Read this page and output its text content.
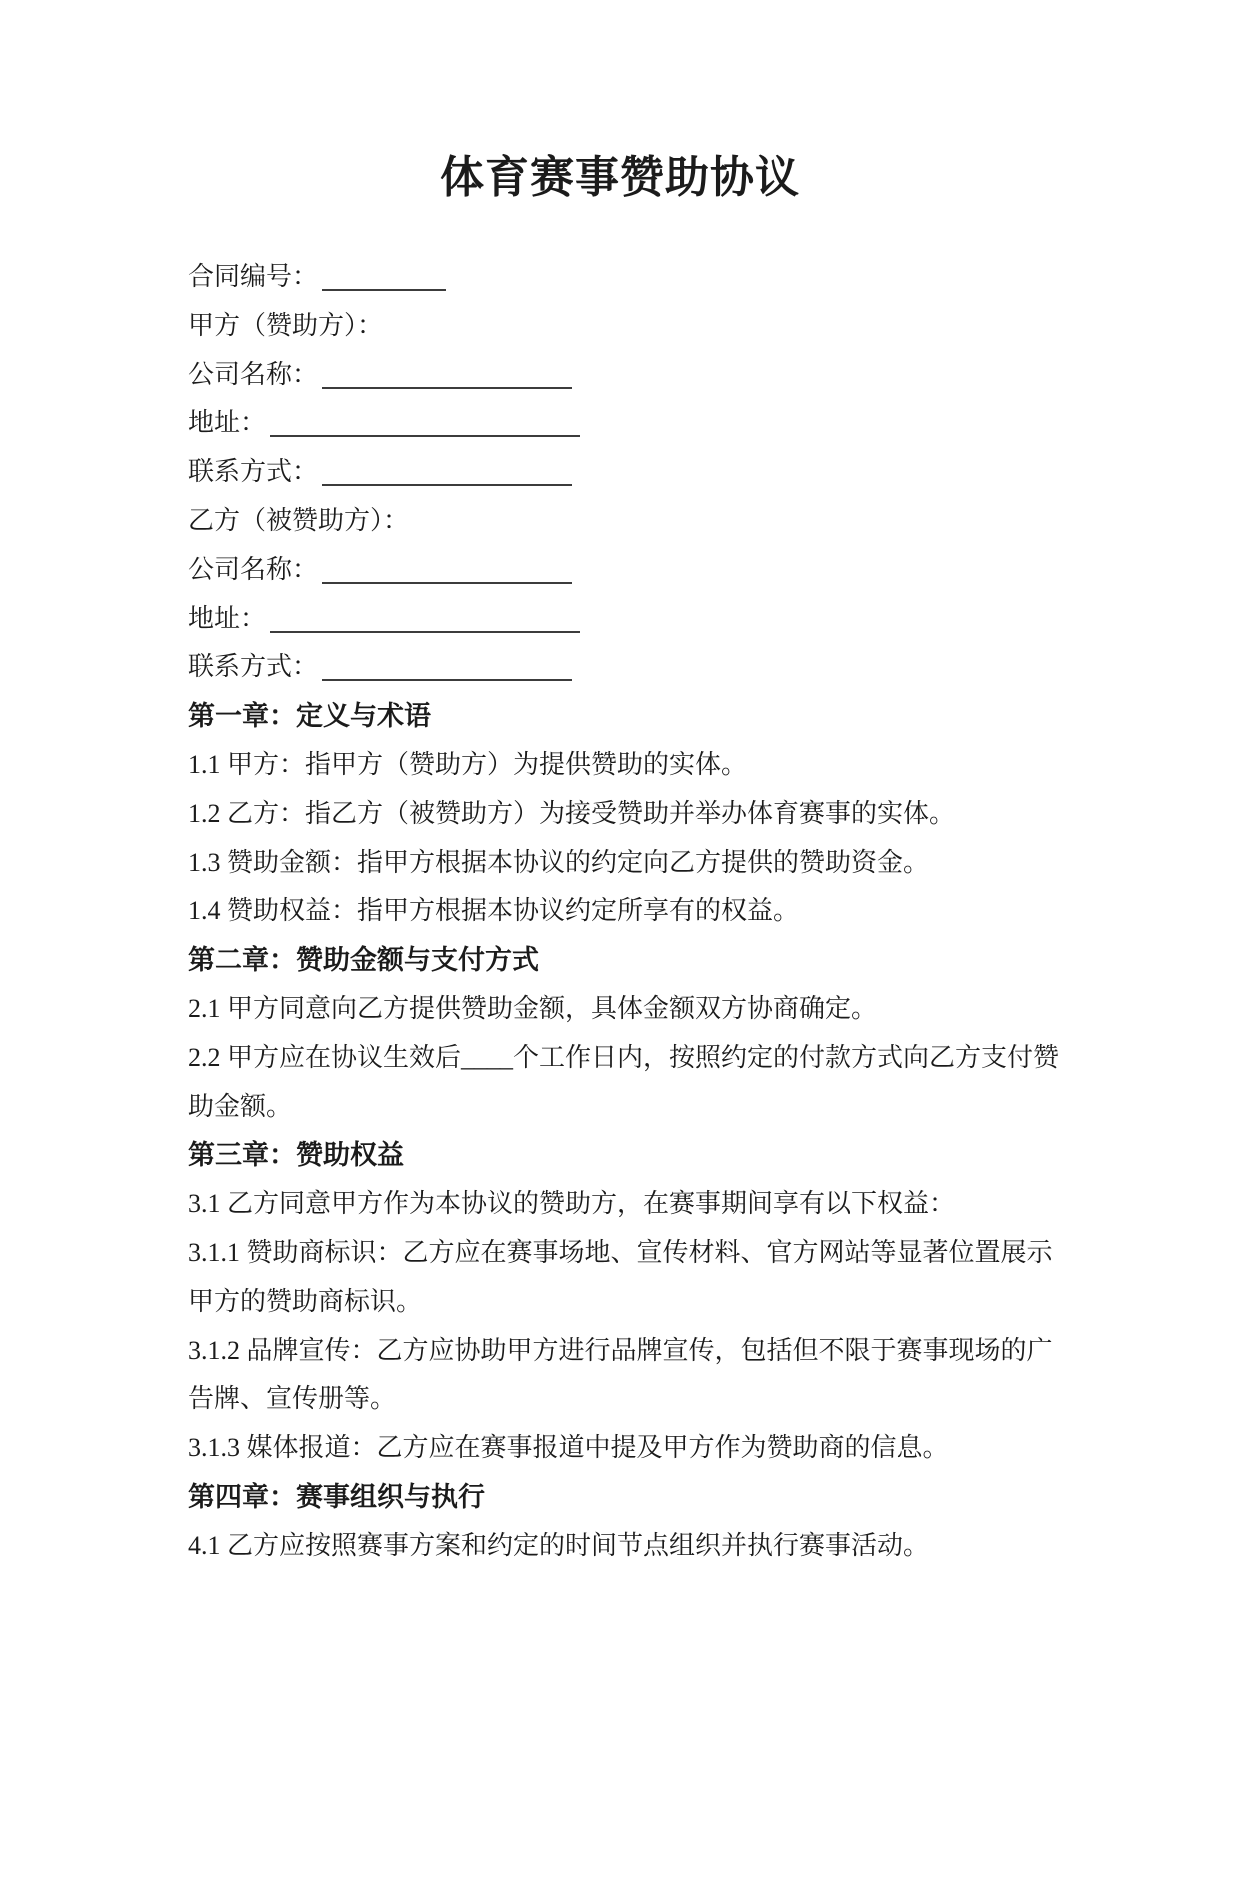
体育赛事赞助协议
合同编号：
甲方（赞助方）：
公司名称：
地址：
联系方式：
乙方（被赞助方）：
公司名称：
地址：
联系方式：
第一章：定义与术语
1.1 甲方：指甲方（赞助方）为提供赞助的实体。
1.2 乙方：指乙方（被赞助方）为接受赞助并举办体育赛事的实体。
1.3 赞助金额：指甲方根据本协议的约定向乙方提供的赞助资金。
1.4 赞助权益：指甲方根据本协议约定所享有的权益。
第二章：赞助金额与支付方式
2.1 甲方同意向乙方提供赞助金额，具体金额双方协商确定。
2.2 甲方应在协议生效后____个工作日内，按照约定的付款方式向乙方支付赞
助金额。
第三章：赞助权益
3.1 乙方同意甲方作为本协议的赞助方，在赛事期间享有以下权益：
3.1.1 赞助商标识：乙方应在赛事场地、宣传材料、官方网站等显著位置展示
甲方的赞助商标识。
3.1.2 品牌宣传：乙方应协助甲方进行品牌宣传，包括但不限于赛事现场的广
告牌、宣传册等。
3.1.3 媒体报道：乙方应在赛事报道中提及甲方作为赞助商的信息。
第四章：赛事组织与执行
4.1 乙方应按照赛事方案和约定的时间节点组织并执行赛事活动。
